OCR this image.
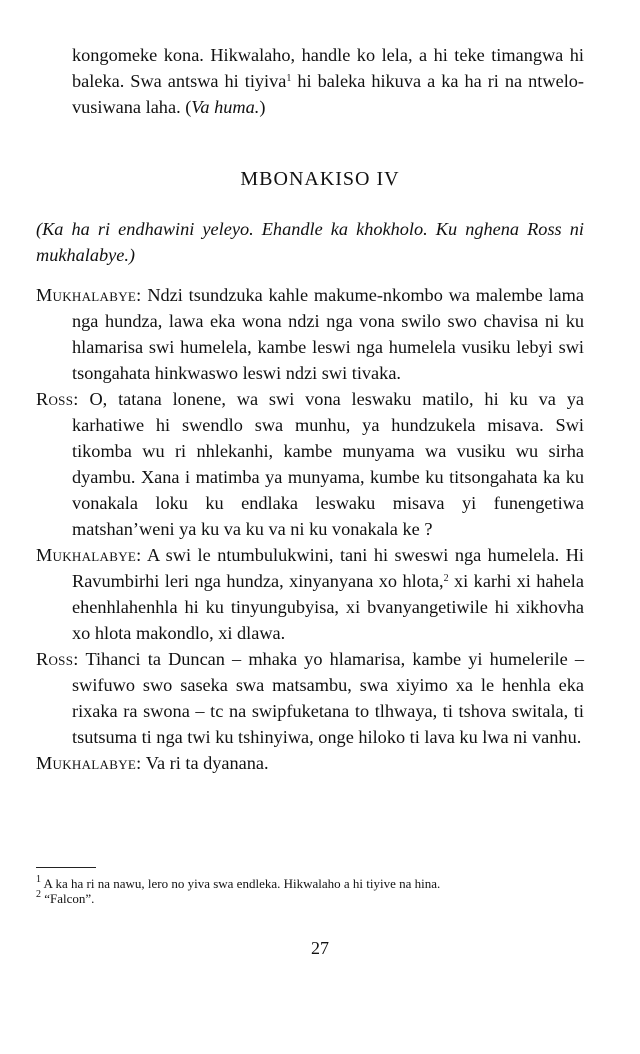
kongomeke kona. Hikwalaho, handle ko lela, a hi teke timangwa hi baleka. Swa antswa hi tiyiva$^1$ hi baleka hikuva a ka ha ri na ntwelo-vusiwana laha. (Va huma.)

MBONAKISO IV

(Ka ha ri endhawini yeleyo. Ehandle ka khokholo. Ku nghena Ross ni mukhalabye.)

Mukhalabye: Ndzi tsundzuka kahle makume-nkombo wa malembe lama nga hundza, lawa eka wona ndzi nga vona swilo swo chavisa ni ku hlamarisa swi humelela, kambe leswi nga humelela vusiku lebyi swi tsongahata hinkwaswo leswi ndzi swi tivaka.

Ross: O, tatana lonene, wa swi vona leswaku matilo, hi ku va ya karhatiwe hi swendlo swa munhu, ya hundzukela misava. Swi tikomba wu ri nhlekanhi, kambe munyama wa vusiku wu sirha dyambu. Xana i matimba ya munyama, kumbe ku titsongahata ka ku vonakala loku ku endlaka leswaku misava yi funengetiwa matshan’weni ya ku va ku va ni ku vonakala ke ?

Mukhalabye: A swi le ntumbulukwini, tani hi sweswi nga humelela. Hi Ravumbirhi leri nga hundza, xinyanyana xo hlota,$^2$ xi karhi xi hahela ehenhlahenhla hi ku tinyungubyisa, xi bvanyangetiwile hi xikhovha xo hlota makondlo, xi dlawa.

Ross: Tihanci ta Duncan – mhaka yo hlamarisa, kambe yi humelerile – swifuwo swo saseka swa matsambu, swa xiyimo xa le henhla eka rixaka ra swona – tc na swipfuketana to tlhwaya, ti tshova switala, ti tsutsuma ti nga twi ku tshinyiwa, onge hiloko ti lava ku lwa ni vanhu.

Mukhalabye: Va ri ta dyanana.

$^1$ A ka ha ri na nawu, lero no yiva swa endleka. Hikwalaho a hi tiyive na hina.

$^2$ “Falcon”.

27
